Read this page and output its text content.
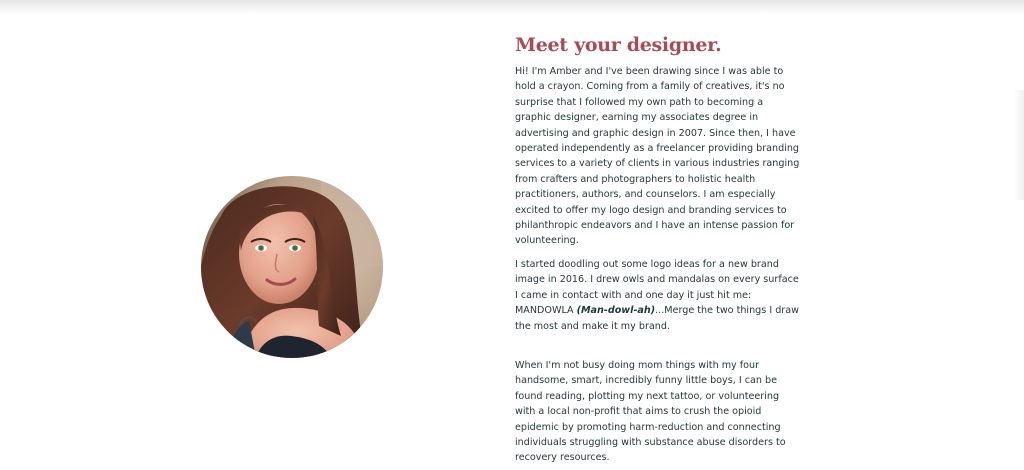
Meet your designer.

Hi! I'm Amber and I've been drawing since I was able to hold a crayon. Coming from a family of creatives, it's no surprise that I followed my own path to becoming a graphic designer, earning my associates degree in advertising and graphic design in 2007. Since then, I have operated independently as a freelancer providing branding services to a variety of clients in various industries ranging from crafters and photographers to holistic health practitioners, authors, and counselors. I am especially excited to offer my logo design and branding services to philanthropic endeavors and I have an intense passion for volunteering.

I started doodling out some logo ideas for a new brand image in 2016. I drew owls and mandalas on every surface I came in contact with and one day it just hit me: MANDOWLA (Man-dowl-ah)...Merge the two things I draw the most and make it my brand.

When I'm not busy doing mom things with my four handsome, smart, incredibly funny little boys, I can be found reading, plotting my next tattoo, or volunteering with a local non-profit that aims to crush the opioid epidemic by promoting harm-reduction and connecting individuals struggling with substance abuse disorders to recovery resources.
